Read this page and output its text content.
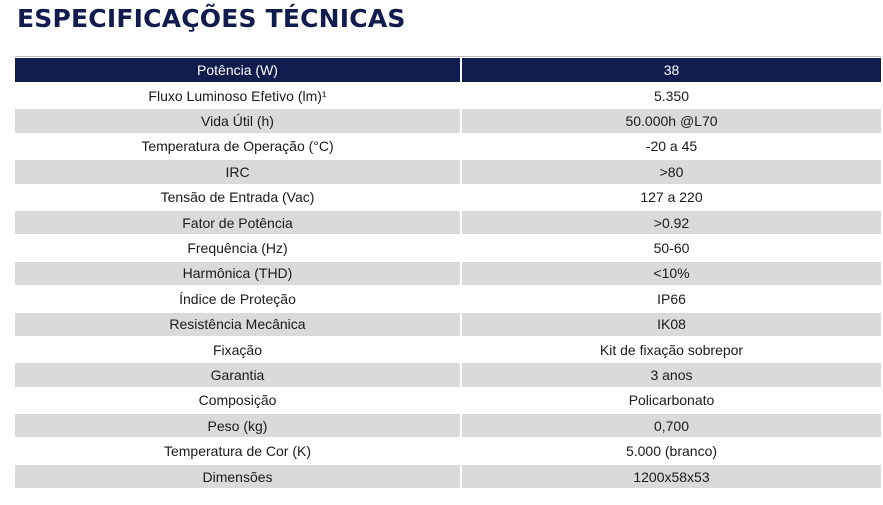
ESPECIFICAÇÕES TÉCNICAS
Potência (W)	38
Fluxo Luminoso Efetivo (lm)¹	5.350
Vida Útil (h)	50.000h @L70
Temperatura de Operação (°C)	-20 a 45
IRC	>80
Tensão de Entrada (Vac)	127 a 220
Fator de Potência	>0.92
Frequência (Hz)	50-60
Harmônica (THD)	<10%
Índice de Proteção	IP66
Resistência Mecânica	IK08
Fixação	Kit de fixação sobrepor
Garantia	3 anos
Composição	Policarbonato
Peso (kg)	0,700
Temperatura de Cor (K)	5.000 (branco)
Dimensões	1200x58x53
